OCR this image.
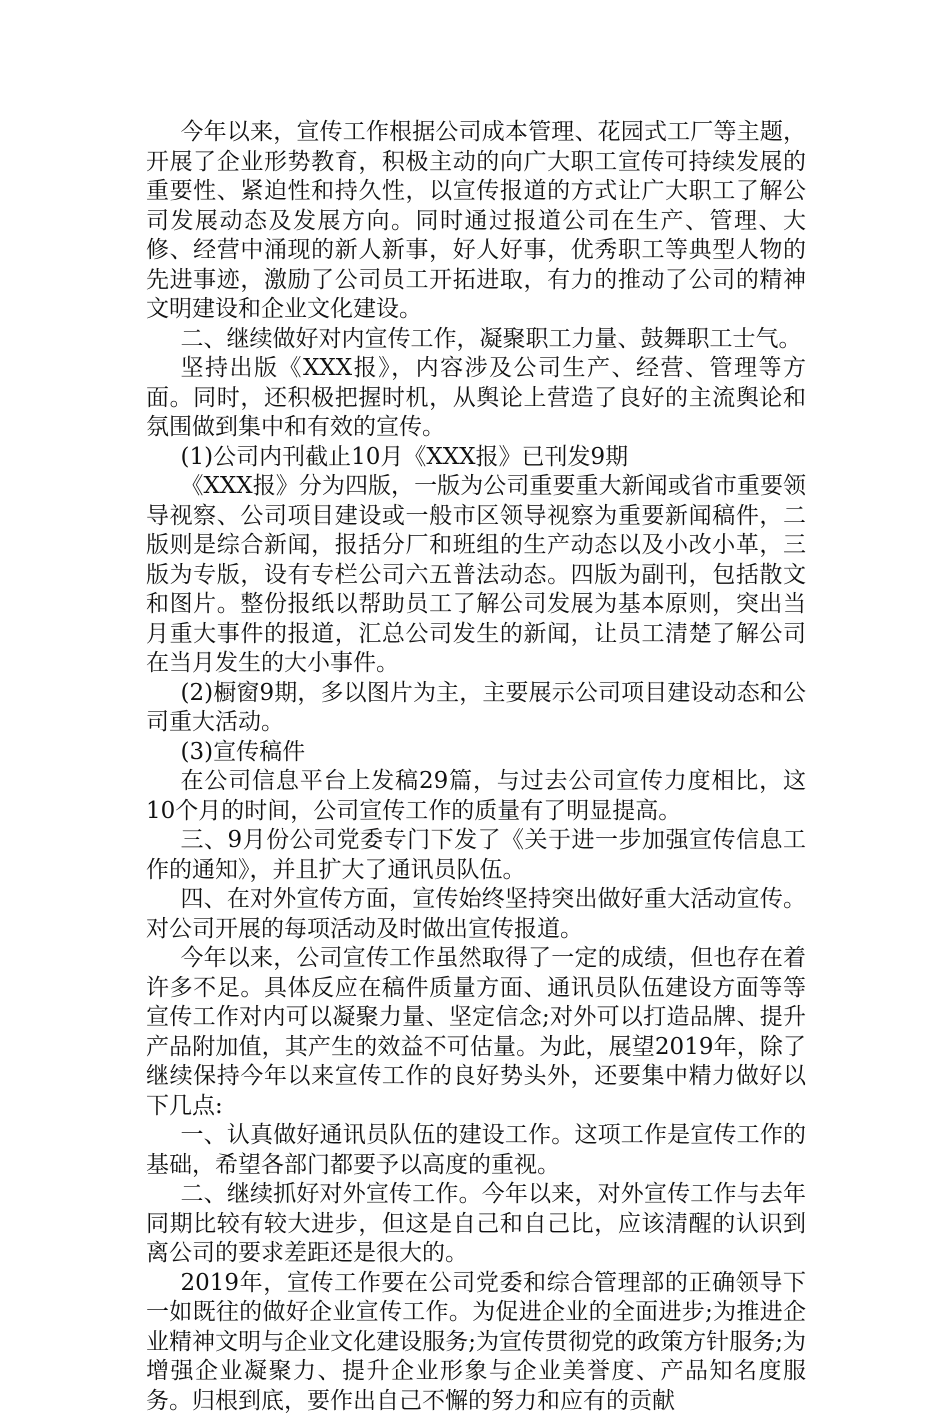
今年以来，宣传工作根据公司成本管理、花园式工厂等主题，开展了企业形势教育，积极主动的向广大职工宣传可持续发展的重要性、紧迫性和持久性，以宣传报道的方式让广大职工了解公司发展动态及发展方向。同时通过报道公司在生产、管理、大修、经营中涌现的新人新事，好人好事，优秀职工等典型人物的先进事迹，激励了公司员工开拓进取，有力的推动了公司的精神文明建设和企业文化建设。

二、继续做好对内宣传工作，凝聚职工力量、鼓舞职工士气。

坚持出版《XXX报》，内容涉及公司生产、经营、管理等方面。同时，还积极把握时机，从舆论上营造了良好的主流舆论和氛围做到集中和有效的宣传。

(1)公司内刊截止10月《XXX报》已刊发9期

《XXX报》分为四版，一版为公司重要重大新闻或省市重要领导视察、公司项目建设或一般市区领导视察为重要新闻稿件，二版则是综合新闻，报括分厂和班组的生产动态以及小改小革，三版为专版，设有专栏公司六五普法动态。四版为副刊，包括散文和图片。整份报纸以帮助员工了解公司发展为基本原则，突出当月重大事件的报道，汇总公司发生的新闻，让员工清楚了解公司在当月发生的大小事件。

(2)橱窗9期，多以图片为主，主要展示公司项目建设动态和公司重大活动。

(3)宣传稿件

在公司信息平台上发稿29篇，与过去公司宣传力度相比，这10个月的时间，公司宣传工作的质量有了明显提高。

三、9月份公司党委专门下发了《关于进一步加强宣传信息工作的通知》，并且扩大了通讯员队伍。

四、在对外宣传方面，宣传始终坚持突出做好重大活动宣传。对公司开展的每项活动及时做出宣传报道。

今年以来，公司宣传工作虽然取得了一定的成绩，但也存在着许多不足。具体反应在稿件质量方面、通讯员队伍建设方面等等宣传工作对内可以凝聚力量、坚定信念;对外可以打造品牌、提升产品附加值，其产生的效益不可估量。为此，展望2019年，除了继续保持今年以来宣传工作的良好势头外，还要集中精力做好以下几点:

一、认真做好通讯员队伍的建设工作。这项工作是宣传工作的基础，希望各部门都要予以高度的重视。

二、继续抓好对外宣传工作。今年以来，对外宣传工作与去年同期比较有较大进步，但这是自己和自己比，应该清醒的认识到离公司的要求差距还是很大的。

2019年，宣传工作要在公司党委和综合管理部的正确领导下一如既往的做好企业宣传工作。为促进企业的全面进步;为推进企业精神文明与企业文化建设服务;为宣传贯彻党的政策方针服务;为增强企业凝聚力、提升企业形象与企业美誉度、产品知名度服务。归根到底，要作出自己不懈的努力和应有的贡献
